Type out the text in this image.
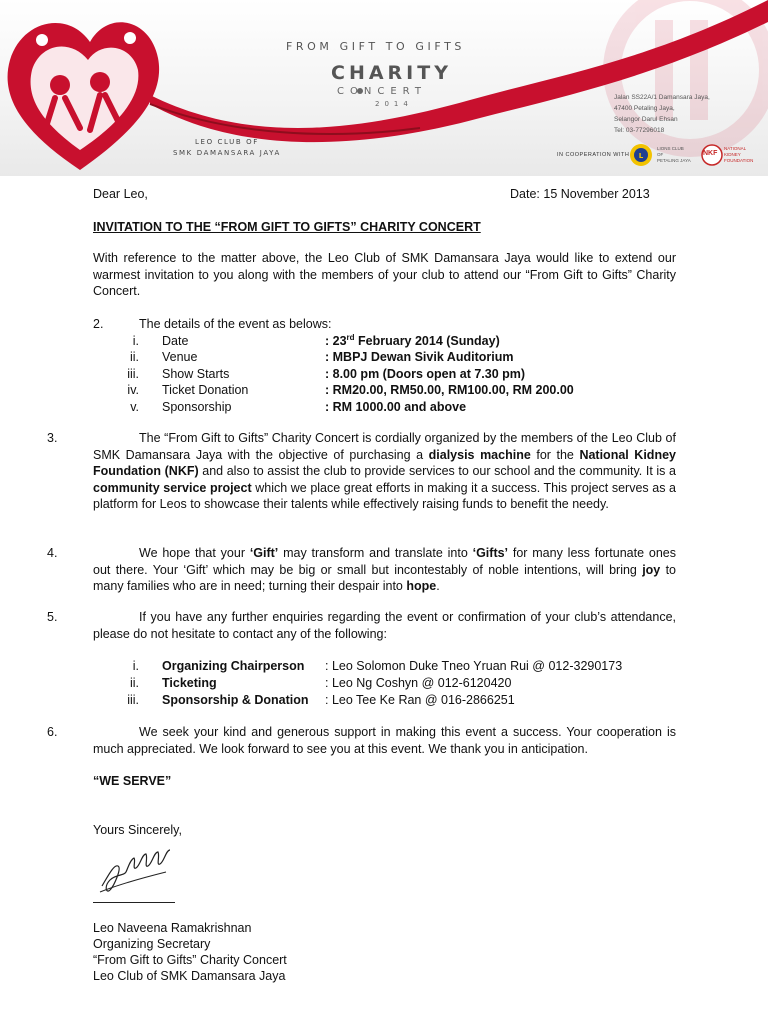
L
FROM GIFT TO GIFTS
CHARITY
CONCERT
2014
LEO CLUB OF
SMK DAMANSARA JAYA
Jalan SS22A/1 Damansara Jaya,
47400 Petaling Jaya,
Selangor Darul Ehsan
Tel: 03-77296018
IN COOPERATION WITH
LIONS CLUB
OF
PETALING JAYA
NKF
NATIONAL
KIDNEY
FOUNDATION
Dear Leo,	Date: 15 November 2013
INVITATION TO THE “FROM GIFT TO GIFTS” CHARITY CONCERT
With reference to the matter above, the Leo Club of SMK Damansara Jaya would like to extend our warmest invitation to you along with the members of your club to attend our “From Gift to Gifts” Charity Concert.
2.	The details of the event as belows:
i. Date	: 23rd February 2014 (Sunday)
ii. Venue	: MBPJ Dewan Sivik Auditorium
iii. Show Starts	: 8.00 pm (Doors open at 7.30 pm)
iv. Ticket Donation	: RM20.00, RM50.00, RM100.00, RM 200.00
v. Sponsorship	: RM 1000.00 and above
3.	The “From Gift to Gifts” Charity Concert is cordially organized by the members of the Leo Club of SMK Damansara Jaya with the objective of purchasing a dialysis machine for the National Kidney Foundation (NKF) and also to assist the club to provide services to our school and the community. It is a community service project which we place great efforts in making it a success. This project serves as a platform for Leos to showcase their talents while effectively raising funds to benefit the needy.
4.	We hope that your ‘Gift’ may transform and translate into ‘Gifts’ for many less fortunate ones out there. Your ‘Gift’ which may be big or small but incontestably of noble intentions, will bring joy to many families who are in need; turning their despair into hope.
5.	If you have any further enquiries regarding the event or confirmation of your club’s attendance, please do not hesitate to contact any of the following:
i. Organizing Chairperson : Leo Solomon Duke Tneo Yruan Rui @ 012-3290173
ii. Ticketing	: Leo Ng Coshyn @ 012-6120420
iii. Sponsorship & Donation : Leo Tee Ke Ran @ 016-2866251
6.	We seek your kind and generous support in making this event a success. Your cooperation is much appreciated. We look forward to see you at this event. We thank you in anticipation.
“WE SERVE”
Yours Sincerely,
Leo Naveena Ramakrishnan
Organizing Secretary
“From Gift to Gifts” Charity Concert
Leo Club of SMK Damansara Jaya
